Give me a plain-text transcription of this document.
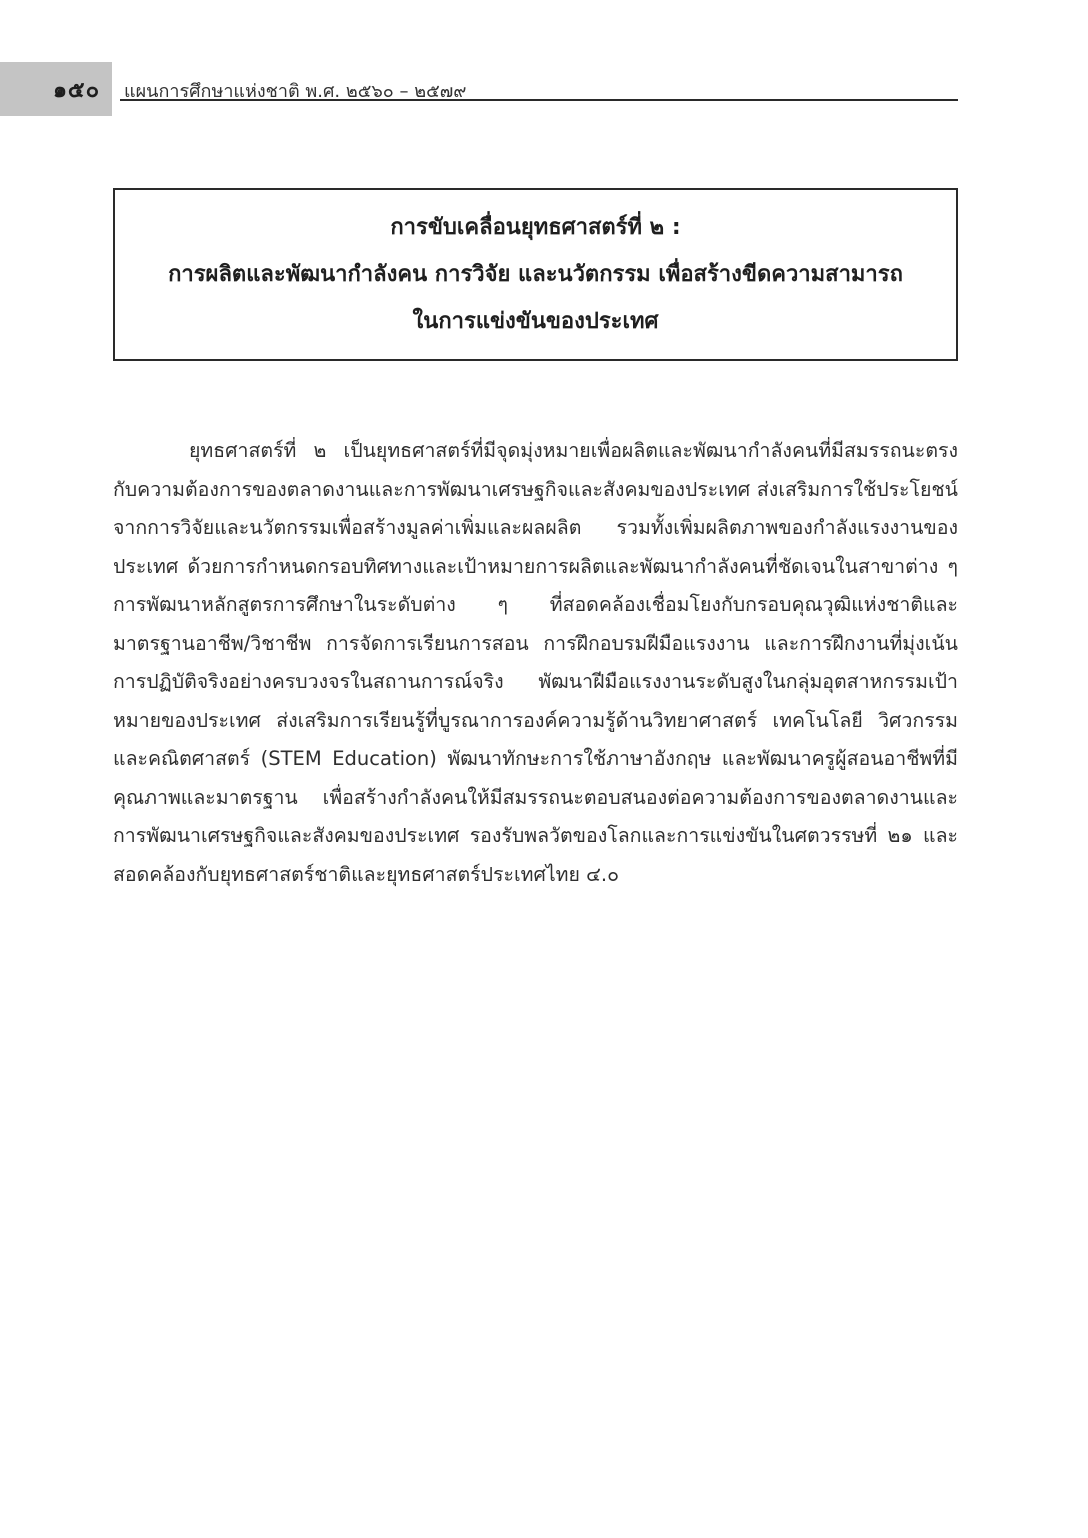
๑๕๐ แผนการศึกษาแห่งชาติ พ.ศ. ๒๕๖๐ – ๒๕๗๙
การขับเคลื่อนยุทธศาสตร์ที่ ๒ :
การผลิตและพัฒนากำลังคน การวิจัย และนวัตกรรม เพื่อสร้างขีดความสามารถ
ในการแข่งขันของประเทศ

ยุทธศาสตร์ที่ ๒ เป็นยุทธศาสตร์ที่มีจุดมุ่งหมายเพื่อผลิตและพัฒนากำลังคนที่มีสมรรถนะตรงกับความต้องการของตลาดงานและการพัฒนาเศรษฐกิจและสังคมของประเทศ ส่งเสริมการใช้ประโยชน์จากการวิจัยและนวัตกรรมเพื่อสร้างมูลค่าเพิ่มและผลผลิต รวมทั้งเพิ่มผลิตภาพของกำลังแรงงานของประเทศ ด้วยการกำหนดกรอบทิศทางและเป้าหมายการผลิตและพัฒนากำลังคนที่ชัดเจนในสาขาต่าง ๆ การพัฒนาหลักสูตรการศึกษาในระดับต่าง ๆ ที่สอดคล้องเชื่อมโยงกับกรอบคุณวุฒิแห่งชาติและมาตรฐานอาชีพ/วิชาชีพ การจัดการเรียนการสอน การฝึกอบรมฝีมือแรงงาน และการฝึกงานที่มุ่งเน้นการปฏิบัติจริงอย่างครบวงจรในสถานการณ์จริง พัฒนาฝีมือแรงงานระดับสูงในกลุ่มอุตสาหกรรมเป้าหมายของประเทศ ส่งเสริมการเรียนรู้ที่บูรณาการองค์ความรู้ด้านวิทยาศาสตร์ เทคโนโลยี วิศวกรรม และคณิตศาสตร์ (STEM Education) พัฒนาทักษะการใช้ภาษาอังกฤษ และพัฒนาครูผู้สอนอาชีพที่มีคุณภาพและมาตรฐาน เพื่อสร้างกำลังคนให้มีสมรรถนะตอบสนองต่อความต้องการของตลาดงานและการพัฒนาเศรษฐกิจและสังคมของประเทศ รองรับพลวัตของโลกและการแข่งขันในศตวรรษที่ ๒๑ และสอดคล้องกับยุทธศาสตร์ชาติและยุทธศาสตร์ประเทศไทย ๔.๐
